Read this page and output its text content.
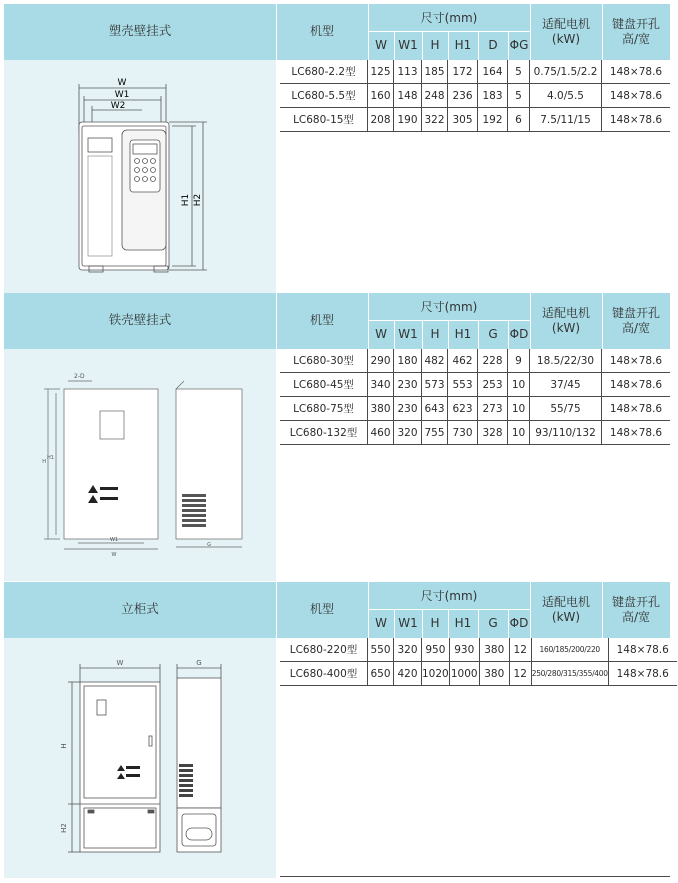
塑壳壁挂式	机型
尺寸(mm)
W W1	H	H1	D	ΦG
适配电机
(kW)
键盘开孔
高/宽
W
W1
W2
H1 H2
LC680-2.2型	125	113	185	172	164	5	0.75/1.5/2.2	148×78.6
LC680-5.5型	160	148	248	236	183	5	4.0/5.5	148×78.6
LC680-15型	208	190	322	305	192	6	7.5/11/15	148×78.6
铁壳壁挂式	机型
尺寸(mm)
W W1	H	H1	G	ΦD
适配电机
(kW)
键盘开孔
高/宽
2-D
W1
W
H
H1
G
LC680-30型	290	180	482	462	228	9	18.5/22/30	148×78.6
LC680-45型	340	230	573	553	253	10	37/45	148×78.6
LC680-75型	380	230	643	623	273	10	55/75	148×78.6
LC680-132型	460	320	755	730	328	10	93/110/132	148×78.6
立柜式	机型
尺寸(mm)
W W1	H	H1	G	ΦD
适配电机
(kW)
键盘开孔
高/宽
W	G
H
H2
LC680-220型	550	320	950	930	380	12	160/185/200/220	148×78.6
LC680-400型	650	420	1020	1000	380	12	250/280/315/355/400	148×78.6
